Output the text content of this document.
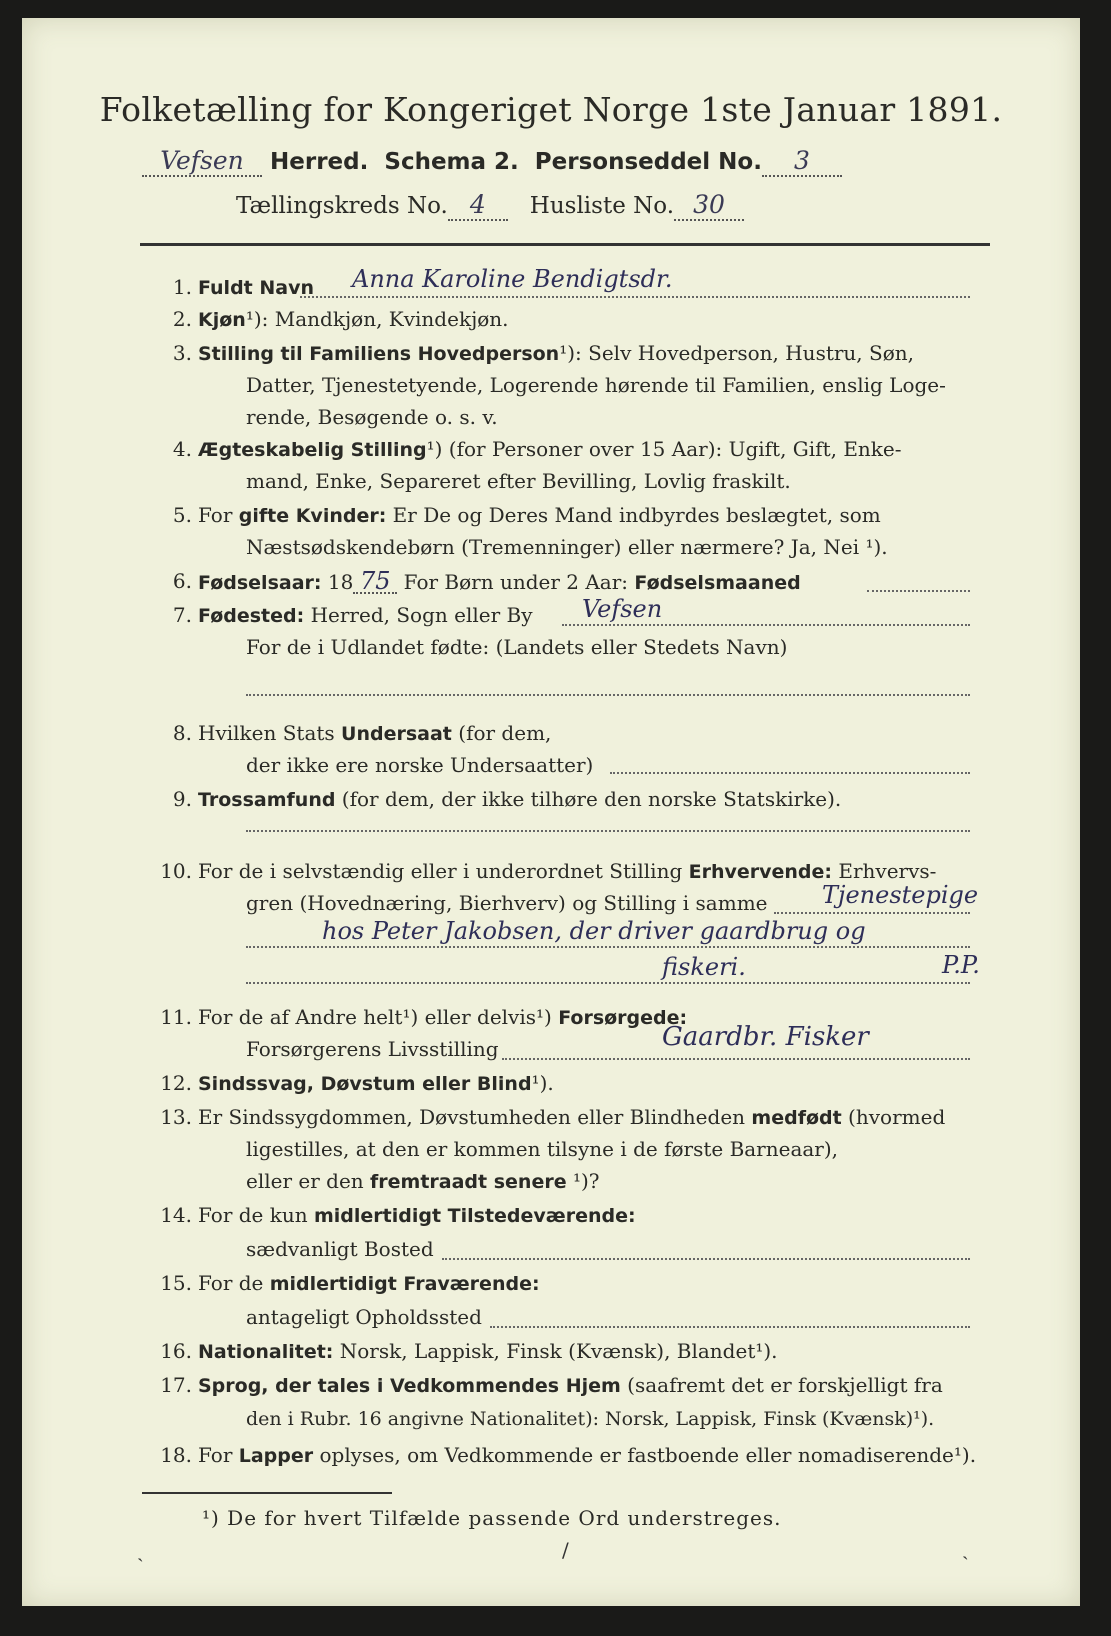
Folketælling for Kongeriget Norge 1ste Januar 1891.
Vefsen Herred. Schema 2. Personseddel No. 3
Tællingskreds No. 4 Husliste No. 30
1. Fuldt Navn Anna Karoline Bendigtsdr.
2. Kjøn¹): Mandkjøn, Kvindekjøn.
3. Stilling til Familiens Hovedperson¹): Selv Hovedperson, Hustru, Søn,
Datter, Tjenestetyende, Logerende hørende til Familien, enslig Loge-
rende, Besøgende o. s. v.
4. Ægteskabelig Stilling¹) (for Personer over 15 Aar): Ugift, Gift, Enke-
mand, Enke, Separeret efter Bevilling, Lovlig fraskilt.
5. For gifte Kvinder: Er De og Deres Mand indbyrdes beslægtet, som
Næstsødskendebørn (Tremenninger) eller nærmere? Ja, Nei ¹).
6. Fødselsaar: 18 75 For Børn under 2 Aar: Fødselsmaaned
7. Fødested: Herred, Sogn eller By Vefsen
For de i Udlandet fødte: (Landets eller Stedets Navn)
8. Hvilken Stats Undersaat (for dem,
der ikke ere norske Undersaatter)
9. Trossamfund (for dem, der ikke tilhøre den norske Statskirke).
10. For de i selvstændig eller i underordnet Stilling Erhvervende: Erhvervs-
gren (Hovednæring, Bierhverv) og Stilling i samme Tjenestepige
hos Peter Jakobsen, der driver gaardbrug og
fiskeri.	P.P.
11. For de af Andre helt¹) eller delvis¹) Forsørgede:
Forsørgerens Livsstilling	Gaardbr. Fisker
12. Sindssvag, Døvstum eller Blind¹).
13. Er Sindssygdommen, Døvstumheden eller Blindheden medfødt (hvormed
ligestilles, at den er kommen tilsyne i de første Barneaar),
eller er den fremtraadt senere ¹)?
14. For de kun midlertidigt Tilstedeværende:
sædvanligt Bosted
15. For de midlertidigt Fraværende:
antageligt Opholdssted
16. Nationalitet: Norsk, Lappisk, Finsk (Kvænsk), Blandet¹).
17. Sprog, der tales i Vedkommendes Hjem (saafremt det er forskjelligt fra
den i Rubr. 16 angivne Nationalitet): Norsk, Lappisk, Finsk (Kvænsk)¹).
18. For Lapper oplyses, om Vedkommende er fastboende eller nomadiserende¹).
¹) De for hvert Tilfælde passende Ord understreges.
ˎ	/	ˏ
